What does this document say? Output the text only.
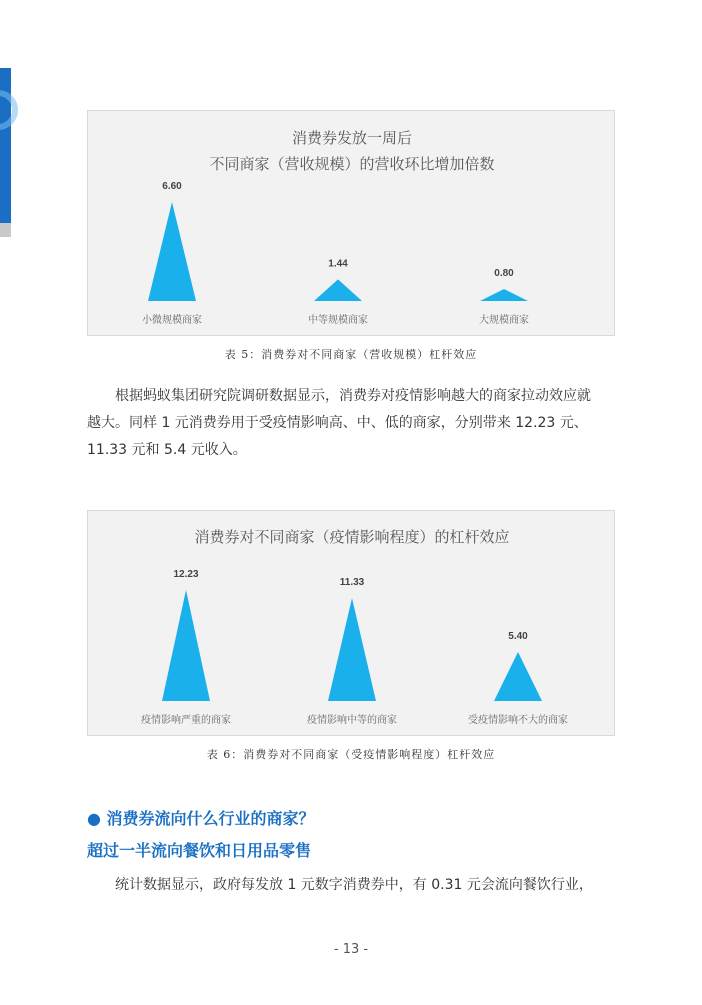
消费券发放一周后
不同商家（营收规模）的营收环比增加倍数
6.60
小微规模商家
1.44
中等规模商家
0.80
大规模商家
表 5：消费券对不同商家（营收规模）杠杆效应
根据蚂蚁集团研究院调研数据显示，消费券对疫情影响越大的商家拉动效应就
越大。同样 1 元消费券用于受疫情影响高、中、低的商家，分别带来 12.23 元、
11.33 元和 5.4 元收入。
消费券对不同商家（疫情影响程度）的杠杆效应
12.23
疫情影响严重的商家
11.33
疫情影响中等的商家
5.40
受疫情影响不大的商家
表 6：消费券对不同商家（受疫情影响程度）杠杆效应
● 消费券流向什么行业的商家？
超过一半流向餐饮和日用品零售
统计数据显示，政府每发放 1 元数字消费券中，有 0.31 元会流向餐饮行业，
- 13 -
